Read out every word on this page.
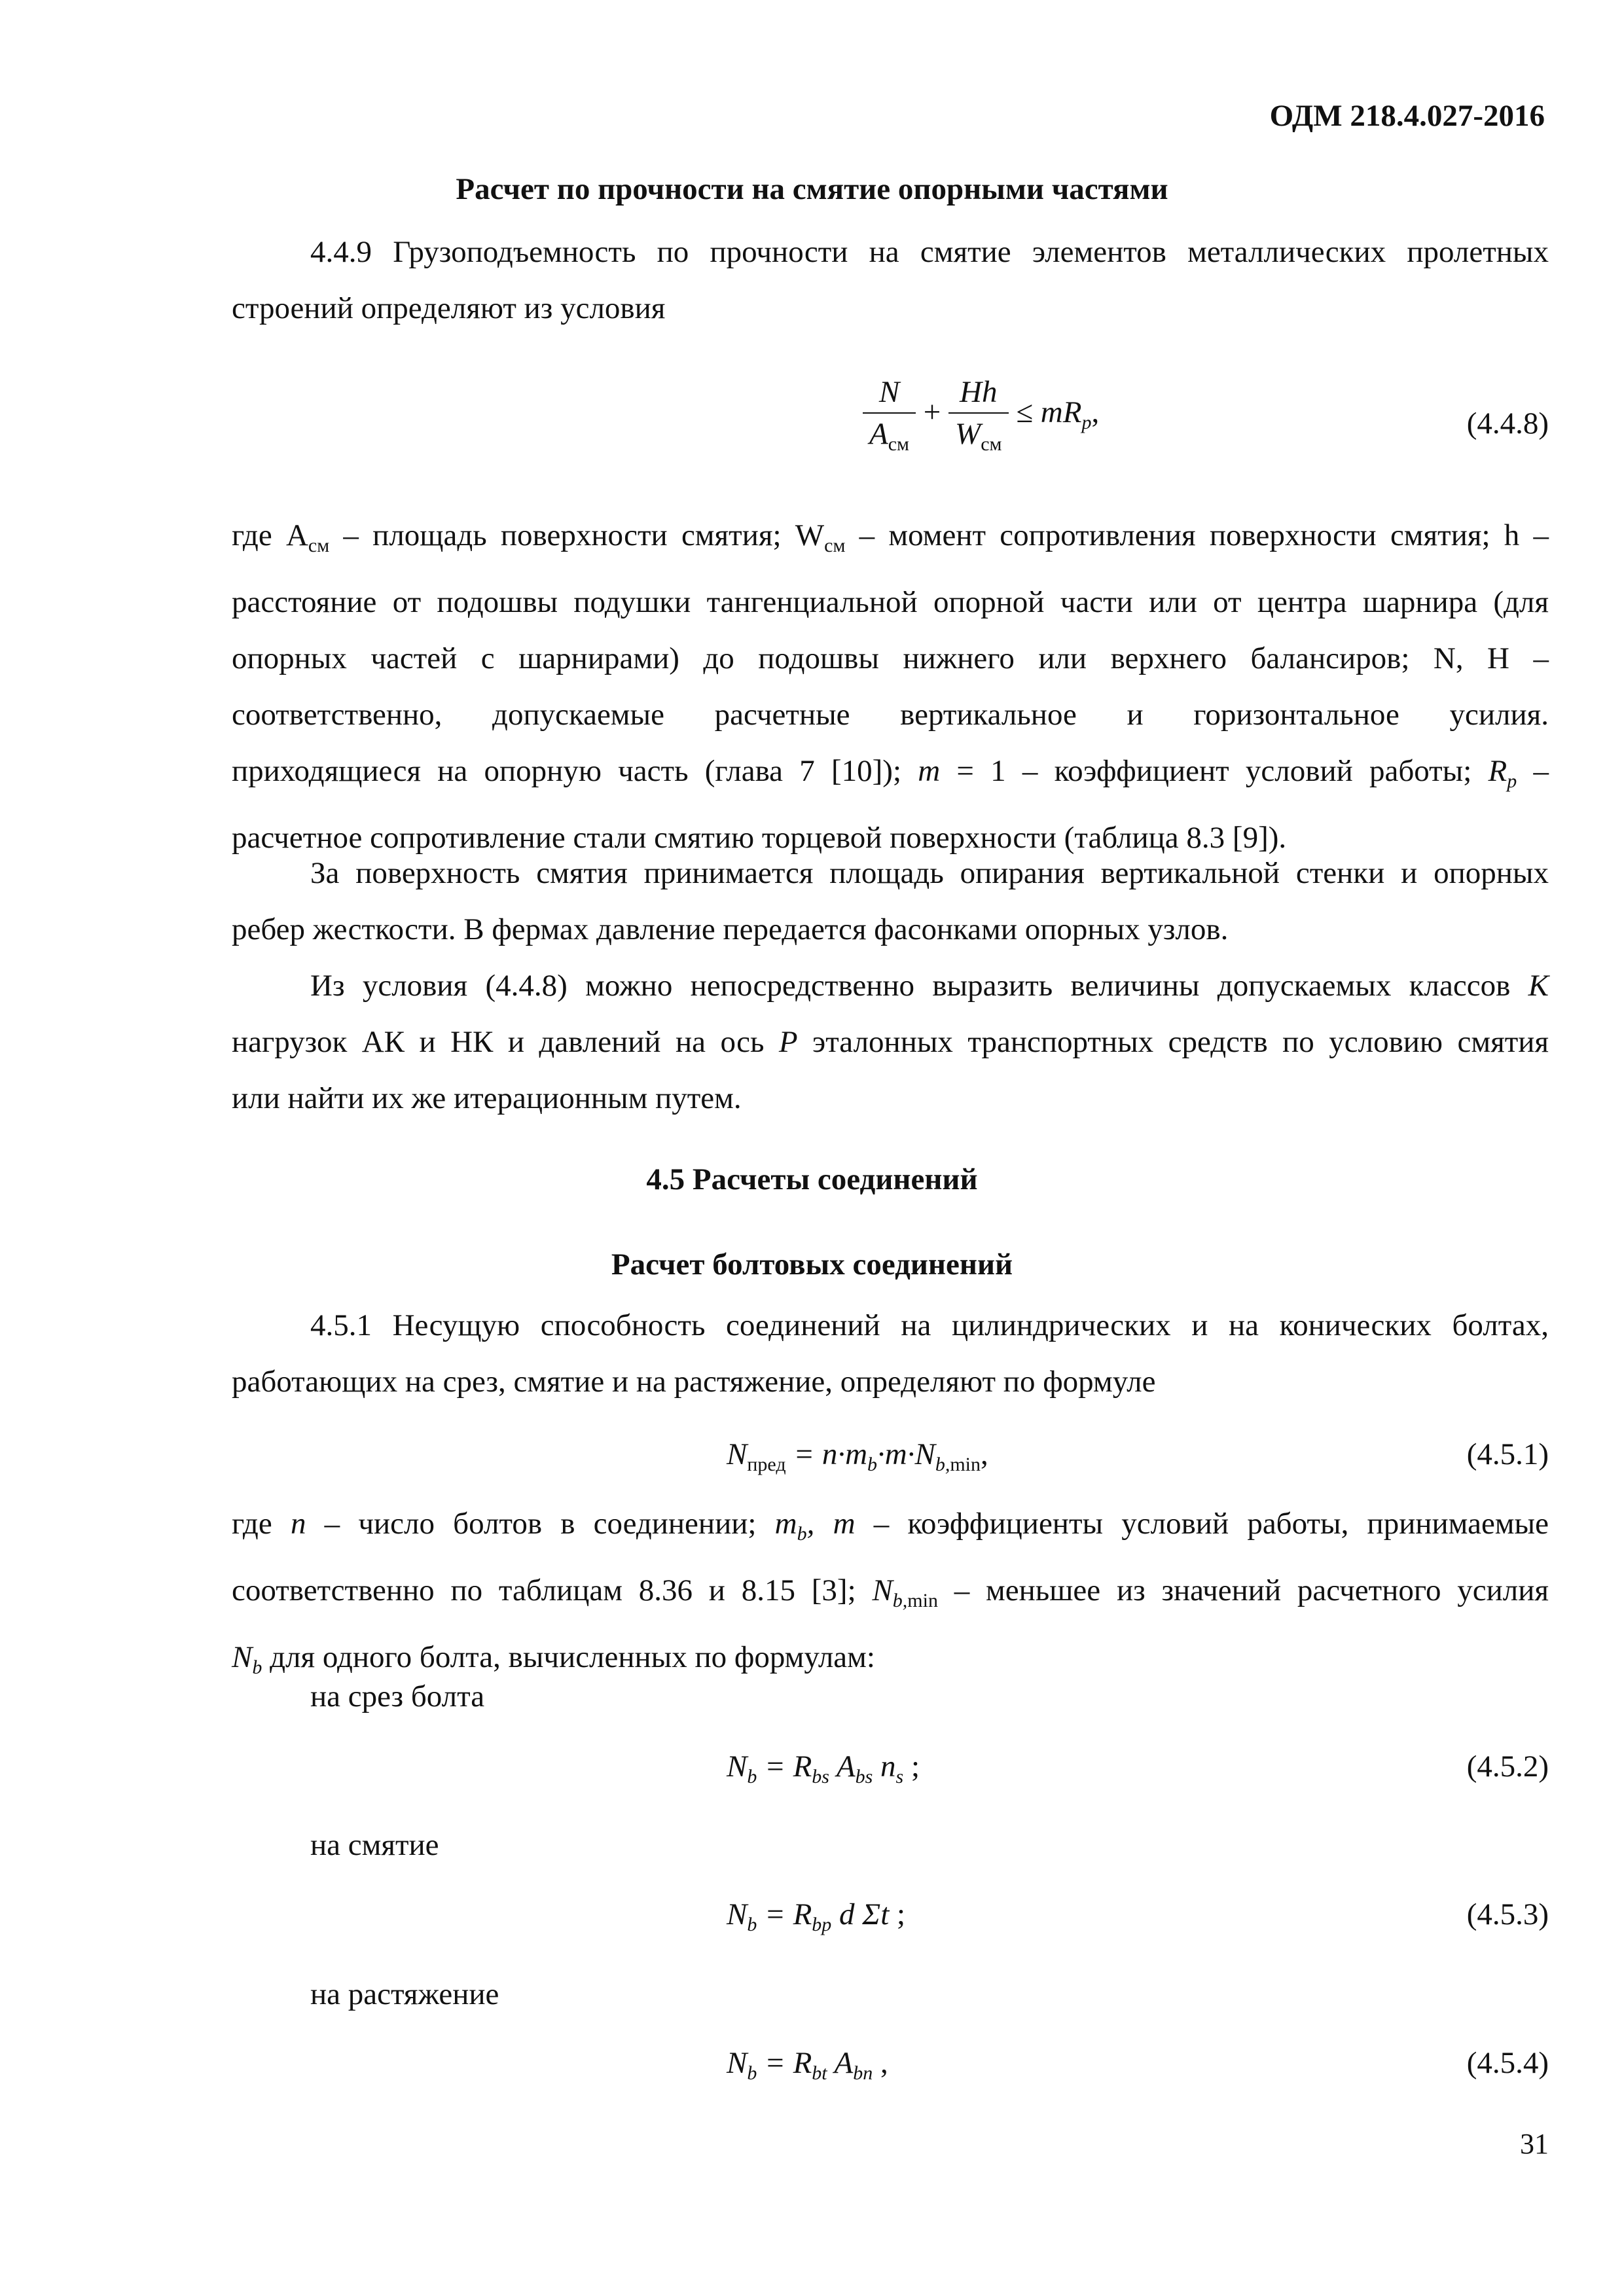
ОДМ 218.4.027-2016
Расчет по прочности на смятие опорными частями
4.4.9 Грузоподъемность по прочности на смятие элементов металлических пролетных
строений определяют из условия
$\frac{N}{A_{см}} + \frac{Hh}{W_{см}} \le mR_p$,	(4.4.8)
где $A_{см}$ – площадь поверхности смятия; $W_{см}$ – момент сопротивления поверхности смятия; h –
расстояние от подошвы подушки тангенциальной опорной части или от центра шарнира (для
опорных частей с шарнирами) до подошвы нижнего или верхнего балансиров; N, H –
соответственно, допускаемые расчетные вертикальное и горизонтальное усилия.
приходящиеся на опорную часть (глава 7 [10]); m = 1 – коэффициент условий работы; $R_p$ –
расчетное сопротивление стали смятию торцевой поверхности (таблица 8.3 [9]).
За поверхность смятия принимается площадь опирания вертикальной стенки и опорных
ребер жесткости. В фермах давление передается фасонками опорных узлов.
Из условия (4.4.8) можно непосредственно выразить величины допускаемых классов K
нагрузок АК и НК и давлений на ось P эталонных транспортных средств по условию смятия
или найти их же итерационным путем.
4.5 Расчеты соединений
Расчет болтовых соединений
4.5.1 Несущую способность соединений на цилиндрических и на конических болтах,
работающих на срез, смятие и на растяжение, определяют по формуле
$N_{пред} = n\cdot m_b\cdot m\cdot N_{b,min}$,	(4.5.1)
где n – число болтов в соединении; $m_b$, m – коэффициенты условий работы, принимаемые
соответственно по таблицам 8.36 и 8.15 [3]; $N_{b,min}$ – меньшее из значений расчетного усилия
$N_b$ для одного болта, вычисленных по формулам:
на срез болта
$N_b = R_{bs}$ $A_{bs}$ $n_s$ ;	(4.5.2)
на смятие
$N_b = R_{bp}$ d Σt ;	(4.5.3)
на растяжение
$N_b = R_{bt}$ $A_{bn}$ ,	(4.5.4)
31
